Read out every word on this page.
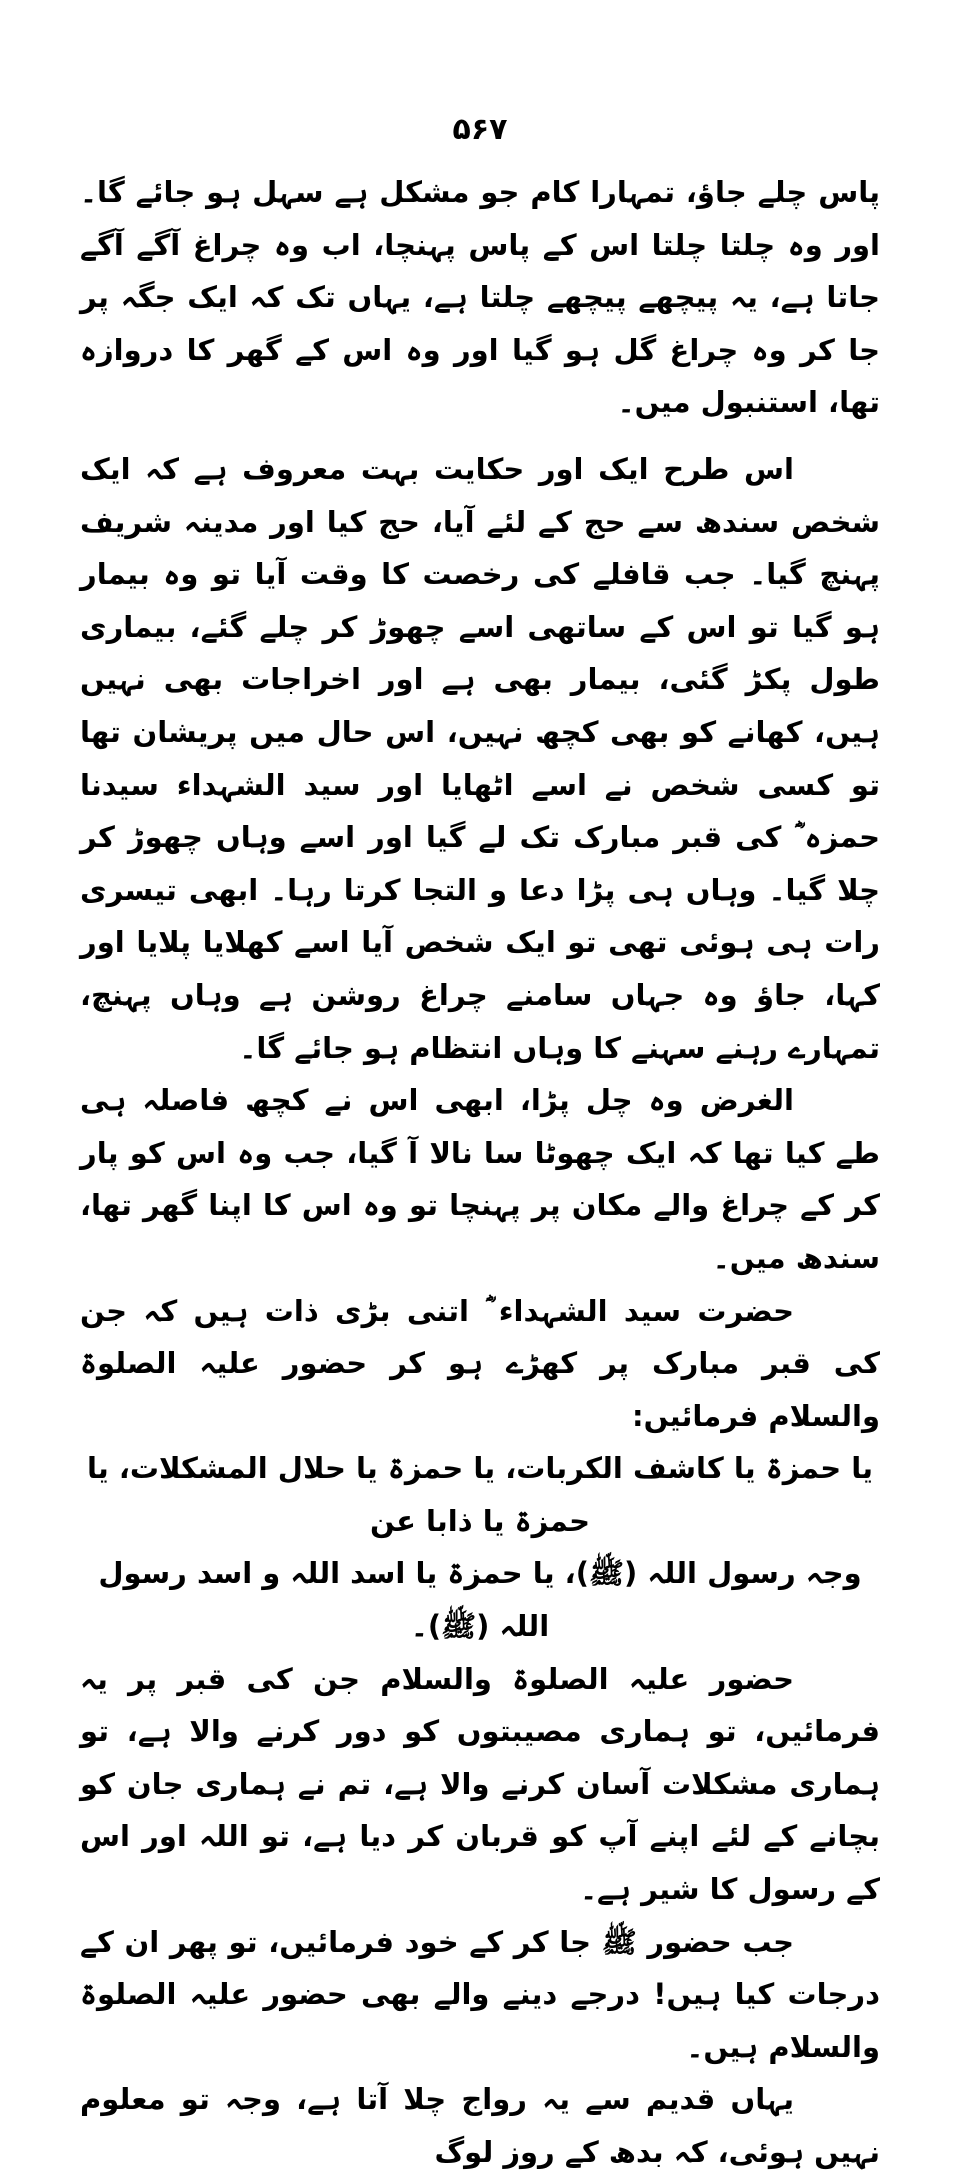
۵۶۷

پاس چلے جاؤ، تمہارا کام جو مشکل ہے سہل ہو جائے گا۔ اور وہ چلتا چلتا اس کے پاس پہنچا، اب وہ چراغ آگے آگے جاتا ہے، یہ پیچھے پیچھے چلتا ہے، یہاں تک کہ ایک جگہ پر جا کر وہ چراغ گل ہو گیا اور وہ اس کے گھر کا دروازہ تھا، استنبول میں۔

اس طرح ایک اور حکایت بہت معروف ہے کہ ایک شخص سندھ سے حج کے لئے آیا، حج کیا اور مدینہ شریف پہنچ گیا۔ جب قافلے کی رخصت کا وقت آیا تو وہ بیمار ہو گیا تو اس کے ساتھی اسے چھوڑ کر چلے گئے، بیماری طول پکڑ گئی، بیمار بھی ہے اور اخراجات بھی نہیں ہیں، کھانے کو بھی کچھ نہیں، اس حال میں پریشان تھا تو کسی شخص نے اسے اٹھایا اور سید الشہداء سیدنا حمزہ ؓ کی قبر مبارک تک لے گیا اور اسے وہاں چھوڑ کر چلا گیا۔ وہاں ہی پڑا دعا و التجا کرتا رہا۔ ابھی تیسری رات ہی ہوئی تھی تو ایک شخص آیا اسے کھلایا پلایا اور کہا، جاؤ وہ جہاں سامنے چراغ روشن ہے وہاں پہنچ، تمہارے رہنے سہنے کا وہاں انتظام ہو جائے گا۔

الغرض وہ چل پڑا، ابھی اس نے کچھ فاصلہ ہی طے کیا تھا کہ ایک چھوٹا سا نالا آ گیا، جب وہ اس کو پار کر کے چراغ والے مکان پر پہنچا تو وہ اس کا اپنا گھر تھا، سندھ میں۔

حضرت سید الشہداء ؓ اتنی بڑی ذات ہیں کہ جن کی قبر مبارک پر کھڑے ہو کر حضور علیہ الصلوۃ والسلام فرمائیں:

یا حمزۃ یا کاشف الکربات، یا حمزۃ یا حلال المشکلات، یا حمزۃ یا ذابا عن

وجہ رسول اللہ (ﷺ)، یا حمزۃ یا اسد اللہ و اسد رسول اللہ (ﷺ)۔

حضور علیہ الصلوۃ والسلام جن کی قبر پر یہ فرمائیں، تو ہماری مصیبتوں کو دور کرنے والا ہے، تو ہماری مشکلات آسان کرنے والا ہے، تم نے ہماری جان کو بچانے کے لئے اپنے آپ کو قربان کر دیا ہے، تو اللہ اور اس کے رسول کا شیر ہے۔

جب حضور ﷺ جا کر کے خود فرمائیں، تو پھر ان کے درجات کیا ہیں! درجے دینے والے بھی حضور علیہ الصلوۃ والسلام ہیں۔

یہاں قدیم سے یہ رواج چلا آتا ہے، وجہ تو معلوم نہیں ہوئی، کہ بدھ کے روز لوگ
